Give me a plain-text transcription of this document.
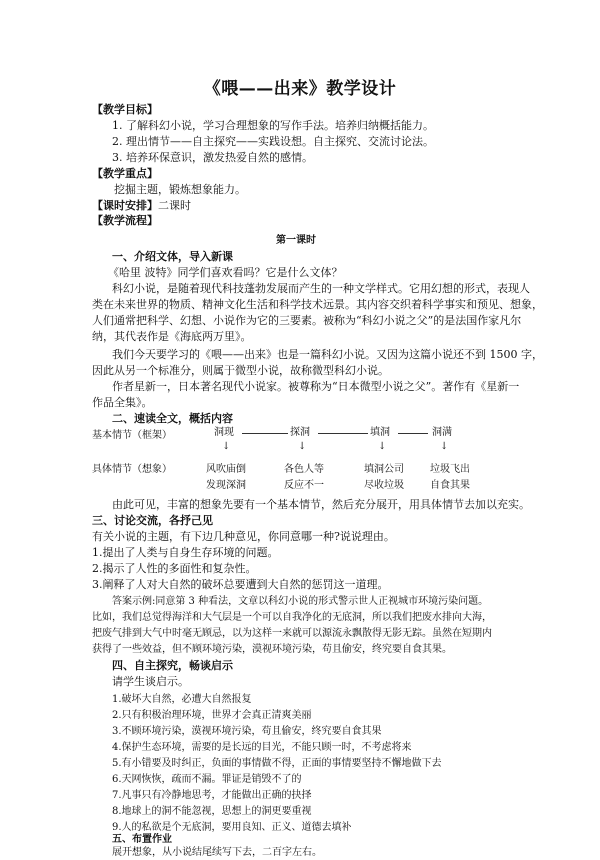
《喂——出来》教学设计
【教学目标】
1. 了解科幻小说，学习合理想象的写作手法。培养归纳概括能力。
2. 理出情节——自主探究——实践设想。自主探究、交流讨论法。
3. 培养环保意识，激发热爱自然的感情。
【教学重点】
挖掘主题，锻炼想象能力。
【课时安排】二课时
【教学流程】
第一课时
一、介绍文体，导入新课
《哈里 波特》同学们喜欢看吗？它是什么文体？
科幻小说，是随着现代科技蓬勃发展而产生的一种文学样式。它用幻想的形式，表现人
类在未来世界的物质、精神文化生活和科学技术远景。其内容交织着科学事实和预见、想象，
人们通常把科学、幻想、小说作为它的三要素。被称为“科幻小说之父”的是法国作家凡尔
纳，其代表作是《海底两万里》。
我们今天要学习的《喂——出来》也是一篇科幻小说。又因为这篇小说还不到 1500 字，
因此从另一个标准分，则属于微型小说，故称微型科幻小说。
作者星新一，日本著名现代小说家。被尊称为“日本微型小说之父”。著作有《星新一
作品全集》。
二、速读全文，概括内容
基本情节（框架）	洞现	探洞	填洞	洞满
↓	↓	↓	↓
具体情节（想象）	风吹庙倒	各色人等	填洞公司	垃圾飞出
发现深洞	反应不一	尽收垃圾	自食其果
由此可见，丰富的想象先要有一个基本情节，然后充分展开，用具体情节去加以充实。
三、讨论交流，各抒己见
有关小说的主题，有下边几种意见，你同意哪一种?说说理由。
1.提出了人类与自身生存环境的问题。
2.揭示了人性的多面性和复杂性。
3.阐释了人对大自然的破坏总要遭到大自然的惩罚这一道理。
答案示例:同意第 3 种看法，文章以科幻小说的形式警示世人正视城市环境污染问题。
比如，我们总觉得海洋和大气层是一个可以自我净化的无底洞，所以我们把废水排向大海，
把废气排到大气中时毫无顾忌，以为这样一来就可以源流永飘散得无影无踪。虽然在短期内
获得了一些效益，但不顾环境污染，漠视环境污染，苟且偷安，终究要自食其果。
四、自主探究，畅谈启示
请学生谈启示。
1.破坏大自然，必遭大自然报复
2.只有积极治理环境，世界才会真正清爽美丽
3.不顾环境污染，漠视环境污染，苟且偷安，终究要自食其果
4.保护生态环境，需要的是长远的目光，不能只顾一时，不考虑将来
5.有小错要及时纠正，负面的事情做不得，正面的事情要坚持不懈地做下去
6.天网恢恢，疏而不漏。罪证是销毁不了的
7.凡事只有冷静地思考，才能做出正确的抉择
8.地球上的洞不能忽视，思想上的洞更要重视
9.人的私欲是个无底洞，要用良知、正义、道德去填补
五、布置作业
展开想象，从小说结尾续写下去，二百字左右。
